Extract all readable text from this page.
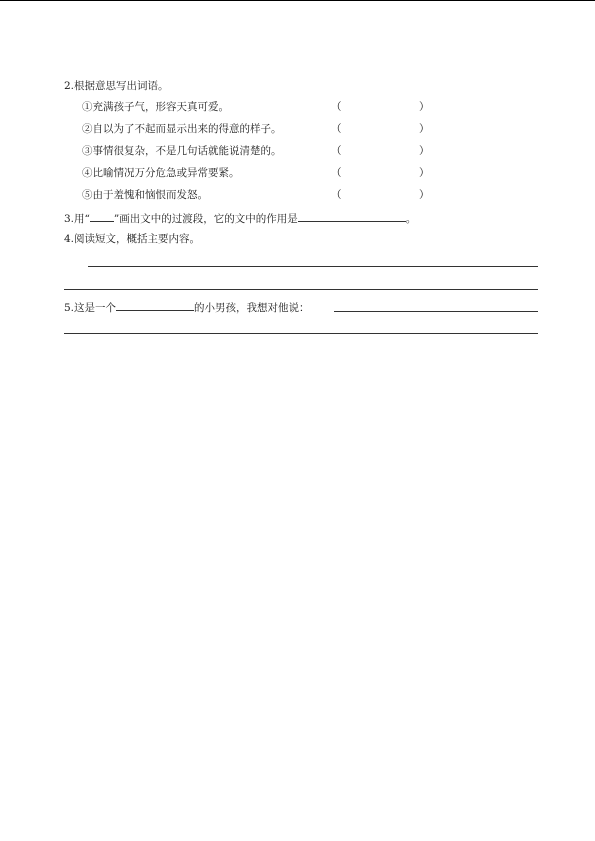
2.根据意思写出词语。
①充满孩子气，形容天真可爱。	（	）
②自以为了不起而显示出来的得意的样子。	（	）
③事情很复杂，不是几句话就能说清楚的。	（	）
④比喻情况万分危急或异常要紧。	（	）
⑤由于羞愧和恼恨而发怒。	（	）
3.用“ ”画出文中的过渡段，它的文中的作用是	。
4.阅读短文，概括主要内容。
5.这是一个	的小男孩，我想对他说：
